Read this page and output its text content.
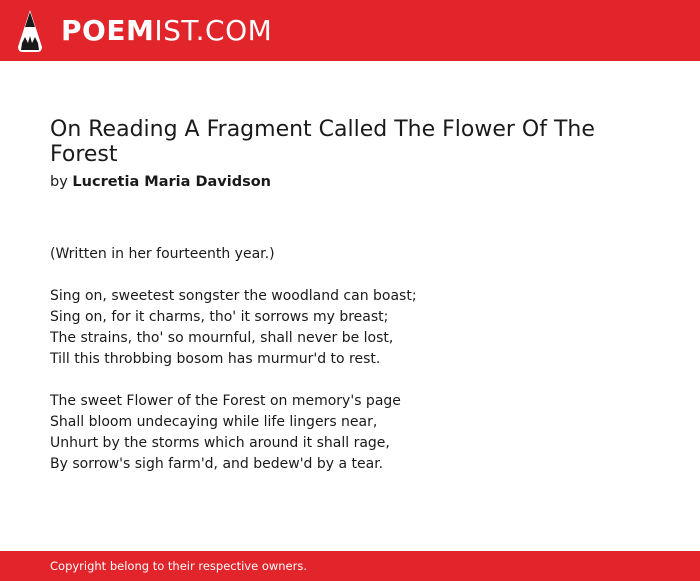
POEMIST.COM
On Reading A Fragment Called The Flower Of The Forest
by Lucretia Maria Davidson
(Written in her fourteenth year.)
Sing on, sweetest songster the woodland can boast;
Sing on, for it charms, tho' it sorrows my breast;
The strains, tho' so mournful, shall never be lost,
Till this throbbing bosom has murmur'd to rest.
The sweet Flower of the Forest on memory's page
Shall bloom undecaying while life lingers near,
Unhurt by the storms which around it shall rage,
By sorrow's sigh farm'd, and bedew'd by a tear.
Copyright belong to their respective owners.
